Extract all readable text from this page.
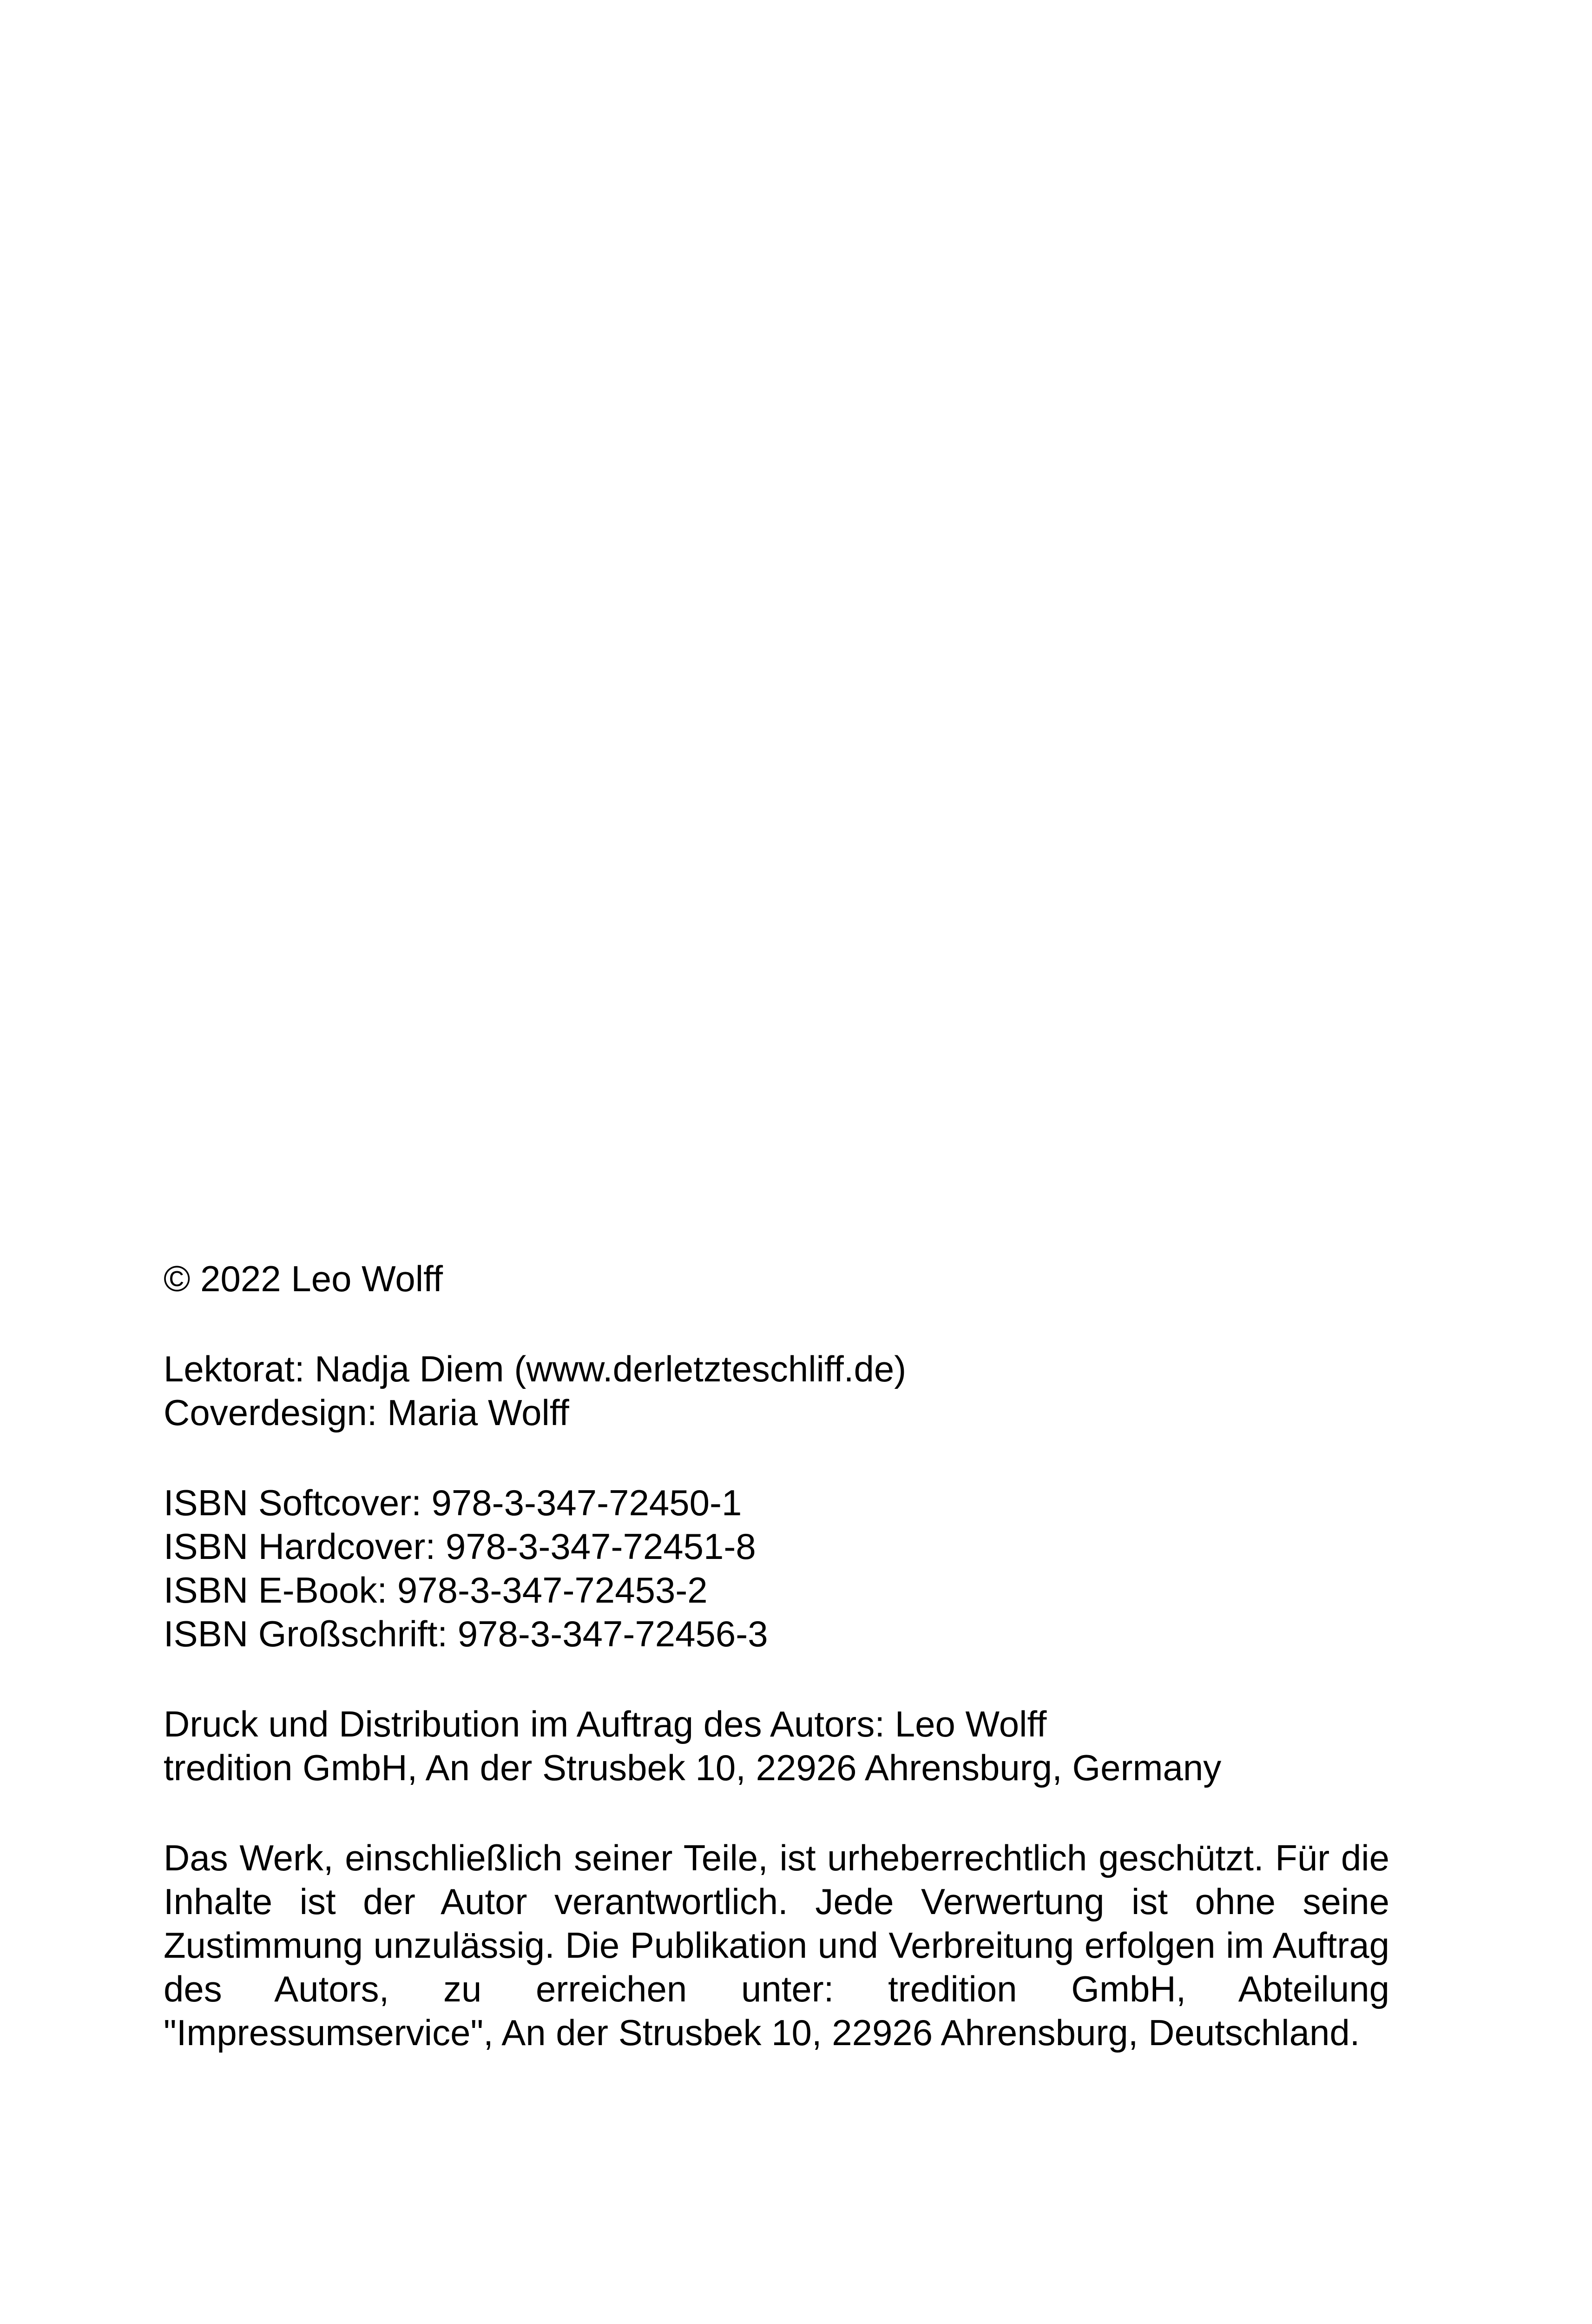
© 2022 Leo Wolff
Lektorat: Nadja Diem (www.derletzteschliff.de)
Coverdesign: Maria Wolff
ISBN Softcover: 978-3-347-72450-1
ISBN Hardcover: 978-3-347-72451-8
ISBN E-Book: 978-3-347-72453-2
ISBN Großschrift: 978-3-347-72456-3
Druck und Distribution im Auftrag des Autors: Leo Wolff
tredition GmbH, An der Strusbek 10, 22926 Ahrensburg, Germany

Das Werk, einschließlich seiner Teile, ist urheberrechtlich geschützt. Für die Inhalte ist der Autor verantwortlich. Jede Verwertung ist ohne seine Zustimmung unzulässig. Die Publikation und Verbreitung erfolgen im Auftrag des Autors, zu erreichen unter: tredition GmbH, Abteilung "Impressumservice", An der Strusbek 10, 22926 Ahrensburg, Deutschland.
